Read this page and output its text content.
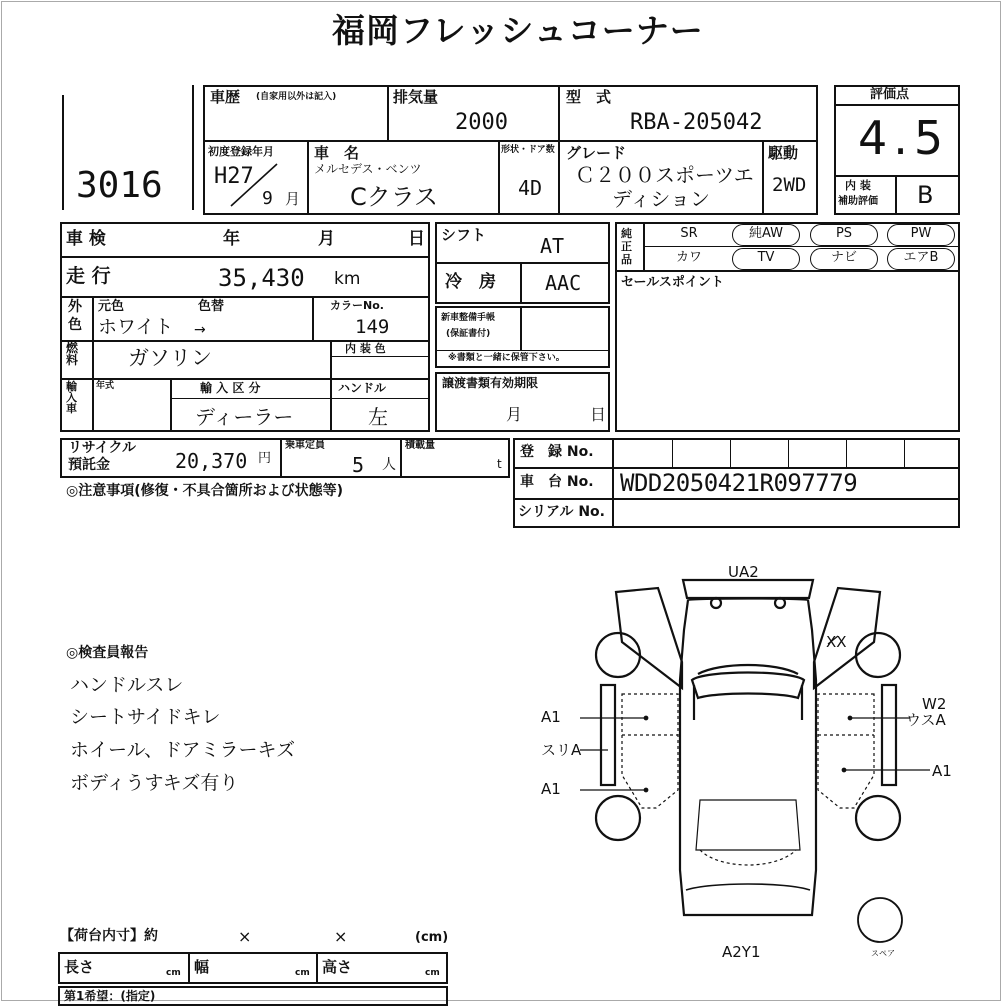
福岡フレッシュコーナー
3016
車歴 (自家用以外は記入)	排気量
2000
型　式
RBA-205042
初度登録年月
H27
9 月
車　名
メルセデス・ベンツ
Cクラス
形状・ドア数
4D
グレード
Ｃ２００スポーツエ
ディション
駆動
2WD
評価点
4.5
内 装
補助評価 B
車 検	年	月	日
走 行	35,430 km
外
色
元色	色替
ホワイト →
カラーNo.
149
燃料	ガソリン	内 装 色
輸入車
年式	輸 入 区 分
ディーラー
ハンドル
左
シフト	AT
冷　房 AAC
新車整備手帳
(保証書付)
※書類と一緒に保管下さい。
譲渡書類有効期限
月	日
純正品
SR	純AW	PS	PW
カワ	TV	ナビ	エアB
セールスポイント
リサイクル
預託金	20,370 円
乗車定員
5 人
積載量
t
登　録 No.
車　台 No. WDD2050421R097779
シリアル No.
◎注意事項(修復・不具合箇所および状態等)
◎検査員報告
ハンドルスレ
シートサイドキレ
ホイール、ドアミラーキズ
ボディうすキズ有り
UA2
A2Y1
XX
W2
ウスA
A1
A1
スリA
A1
スペア
【荷台内寸】約	×	×	(cm)
長さ	cm 幅	cm 高さ	cm
第1希望：(指定)
